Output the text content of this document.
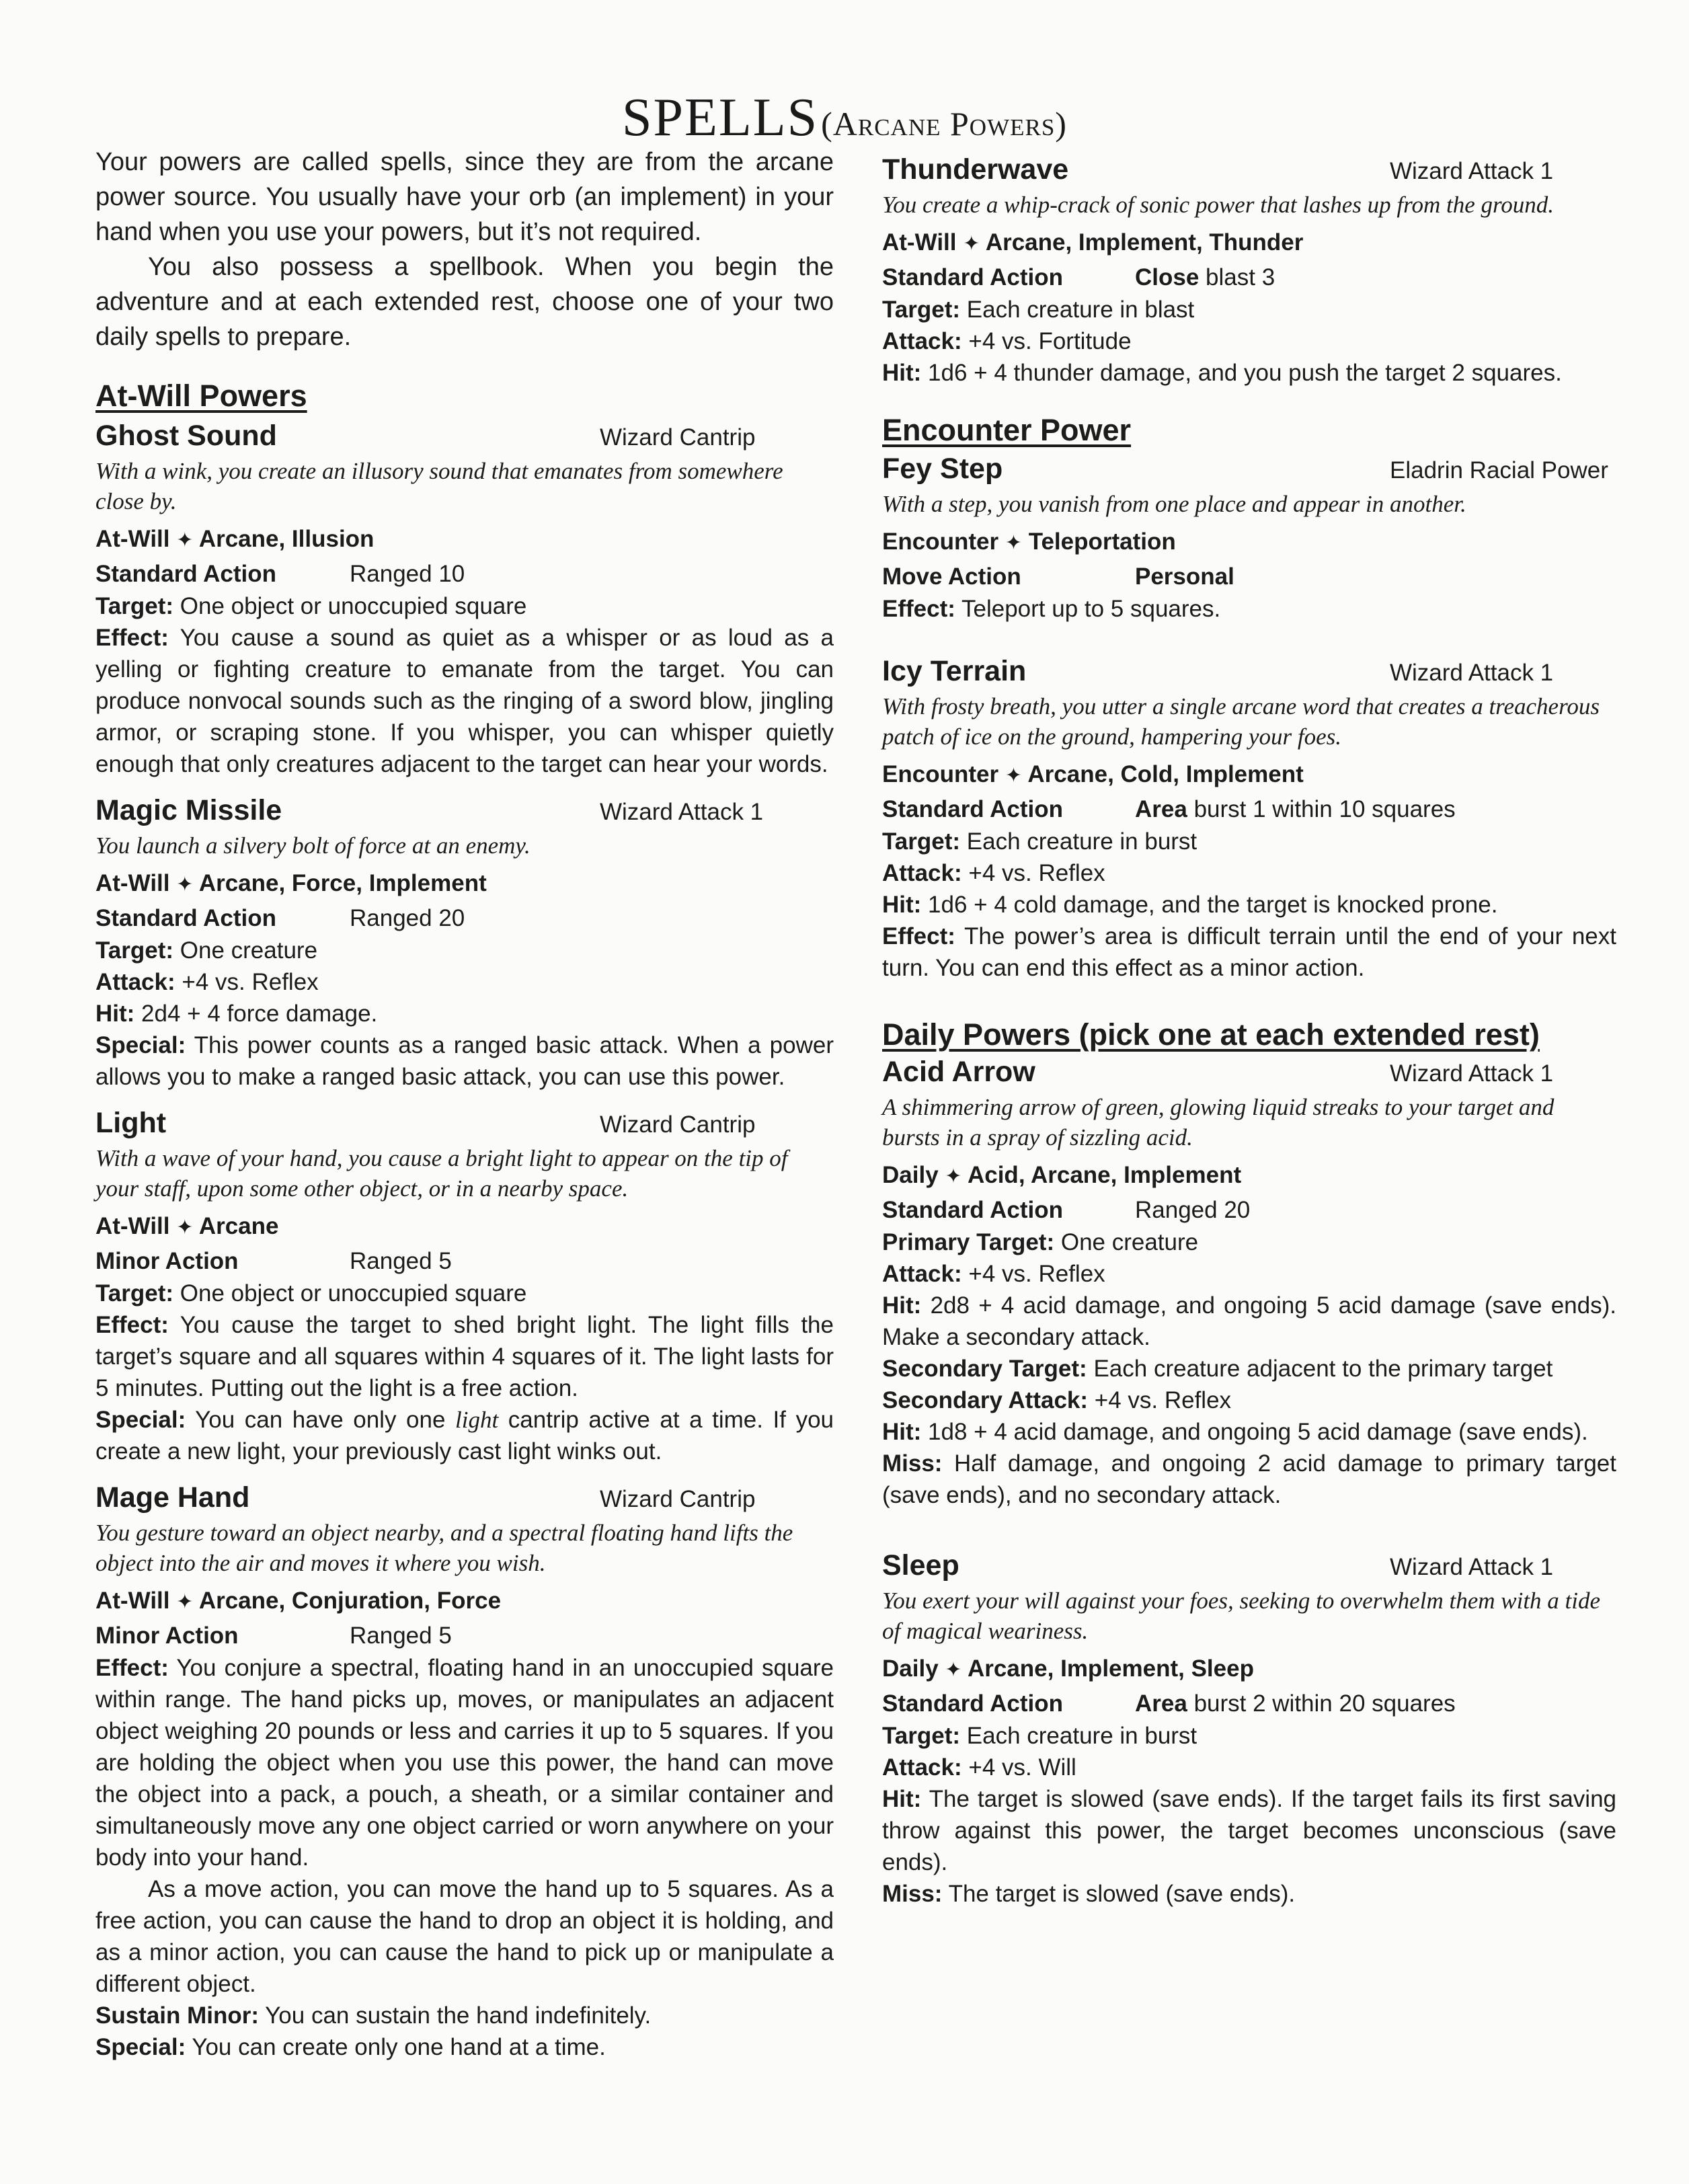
SPELLS (Arcane Powers)

Your powers are called spells, since they are from the arcane power source. You usually have your orb (an implement) in your hand when you use your powers, but it’s not required.

You also possess a spellbook. When you begin the adventure and at each extended rest, choose one of your two daily spells to prepare.

At-Will Powers
Ghost Sound	Wizard Cantrip
With a wink, you create an illusory sound that emanates from somewhere close by.
At-Will ✦ Arcane, Illusion
Standard Action	Ranged 10
Target: One object or unoccupied square
Effect: You cause a sound as quiet as a whisper or as loud as a yelling or fighting creature to emanate from the target. You can produce nonvocal sounds such as the ringing of a sword blow, jingling armor, or scraping stone. If you whisper, you can whisper quietly enough that only creatures adjacent to the target can hear your words.
Magic Missile	Wizard Attack 1
You launch a silvery bolt of force at an enemy.
At-Will ✦ Arcane, Force, Implement
Standard Action	Ranged 20
Target: One creature
Attack: +4 vs. Reflex
Hit: 2d4 + 4 force damage.
Special: This power counts as a ranged basic attack. When a power allows you to make a ranged basic attack, you can use this power.
Light	Wizard Cantrip
With a wave of your hand, you cause a bright light to appear on the tip of your staff, upon some other object, or in a nearby space.
At-Will ✦ Arcane
Minor Action	Ranged 5
Target: One object or unoccupied square
Effect: You cause the target to shed bright light. The light fills the target’s square and all squares within 4 squares of it. The light lasts for 5 minutes. Putting out the light is a free action.
Special: You can have only one light cantrip active at a time. If you create a new light, your previously cast light winks out.
Mage Hand	Wizard Cantrip
You gesture toward an object nearby, and a spectral floating hand lifts the object into the air and moves it where you wish.
At-Will ✦ Arcane, Conjuration, Force
Minor Action	Ranged 5
Effect: You conjure a spectral, floating hand in an unoccupied square within range. The hand picks up, moves, or manipulates an adjacent object weighing 20 pounds or less and carries it up to 5 squares. If you are holding the object when you use this power, the hand can move the object into a pack, a pouch, a sheath, or a similar container and simultaneously move any one object carried or worn anywhere on your body into your hand.
As a move action, you can move the hand up to 5 squares. As a free action, you can cause the hand to drop an object it is holding, and as a minor action, you can cause the hand to pick up or manipulate a different object.
Sustain Minor: You can sustain the hand indefinitely.
Special: You can create only one hand at a time.
Thunderwave	Wizard Attack 1
You create a whip-crack of sonic power that lashes up from the ground.
At-Will ✦ Arcane, Implement, Thunder
Standard Action	Close blast 3
Target: Each creature in blast
Attack: +4 vs. Fortitude
Hit: 1d6 + 4 thunder damage, and you push the target 2 squares.
Encounter Power
Fey Step	Eladrin Racial Power
With a step, you vanish from one place and appear in another.
Encounter ✦ Teleportation
Move Action	Personal
Effect: Teleport up to 5 squares.
Icy Terrain	Wizard Attack 1
With frosty breath, you utter a single arcane word that creates a treacherous patch of ice on the ground, hampering your foes.
Encounter ✦ Arcane, Cold, Implement
Standard Action	Area burst 1 within 10 squares
Target: Each creature in burst
Attack: +4 vs. Reflex
Hit: 1d6 + 4 cold damage, and the target is knocked prone.
Effect: The power’s area is difficult terrain until the end of your next turn. You can end this effect as a minor action.
Daily Powers (pick one at each extended rest)
Acid Arrow	Wizard Attack 1
A shimmering arrow of green, glowing liquid streaks to your target and bursts in a spray of sizzling acid.
Daily ✦ Acid, Arcane, Implement
Standard Action	Ranged 20
Primary Target: One creature
Attack: +4 vs. Reflex
Hit: 2d8 + 4 acid damage, and ongoing 5 acid damage (save ends). Make a secondary attack.
Secondary Target: Each creature adjacent to the primary target
Secondary Attack: +4 vs. Reflex
Hit: 1d8 + 4 acid damage, and ongoing 5 acid damage (save ends).
Miss: Half damage, and ongoing 2 acid damage to primary target (save ends), and no secondary attack.
Sleep	Wizard Attack 1
You exert your will against your foes, seeking to overwhelm them with a tide of magical weariness.
Daily ✦ Arcane, Implement, Sleep
Standard Action	Area burst 2 within 20 squares
Target: Each creature in burst
Attack: +4 vs. Will
Hit: The target is slowed (save ends). If the target fails its first saving throw against this power, the target becomes unconscious (save ends).
Miss: The target is slowed (save ends).
